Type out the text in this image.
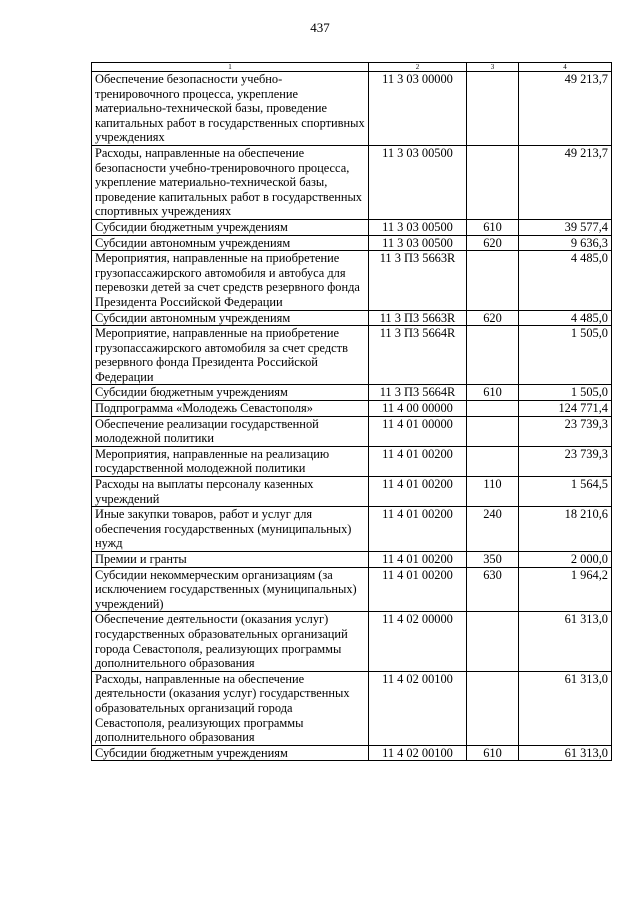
437
1	2	3	4
Обеспечение безопасности учебно-тренировочного процесса, укрепление материально-технической базы, проведение капитальных работ в государственных спортивных учреждениях	11 3 03 00000		49 213,7
Расходы, направленные на обеспечение безопасности учебно-тренировочного процесса, укрепление материально-технической базы, проведение капитальных работ в государственных спортивных учреждениях	11 3 03 00500		49 213,7
Субсидии бюджетным учреждениям	11 3 03 00500	610	39 577,4
Субсидии автономным учреждениям	11 3 03 00500	620	9 636,3
Мероприятия, направленные на приобретение грузопассажирского автомобиля и автобуса для перевозки детей за счет средств резервного фонда Президента Российской Федерации	11 3 П3 5663R		4 485,0
Субсидии автономным учреждениям	11 3 П3 5663R	620	4 485,0
Мероприятие, направленные на приобретение грузопассажирского автомобиля за счет средств резервного фонда Президента Российской Федерации	11 3 П3 5664R		1 505,0
Субсидии бюджетным учреждениям	11 3 П3 5664R	610	1 505,0
Подпрограмма «Молодежь Севастополя»	11 4 00 00000		124 771,4
Обеспечение реализации государственной молодежной политики	11 4 01 00000		23 739,3
Мероприятия, направленные на реализацию государственной молодежной политики	11 4 01 00200		23 739,3
Расходы на выплаты персоналу казенных учреждений	11 4 01 00200	110	1 564,5
Иные закупки товаров, работ и услуг для обеспечения государственных (муниципальных) нужд	11 4 01 00200	240	18 210,6
Премии и гранты	11 4 01 00200	350	2 000,0
Субсидии некоммерческим организациям (за исключением государственных (муниципальных) учреждений)	11 4 01 00200	630	1 964,2
Обеспечение деятельности (оказания услуг) государственных образовательных организаций города Севастополя, реализующих программы дополнительного образования	11 4 02 00000		61 313,0
Расходы, направленные на обеспечение деятельности (оказания услуг) государственных образовательных организаций города Севастополя, реализующих программы дополнительного образования	11 4 02 00100		61 313,0
Субсидии бюджетным учреждениям	11 4 02 00100	610	61 313,0
